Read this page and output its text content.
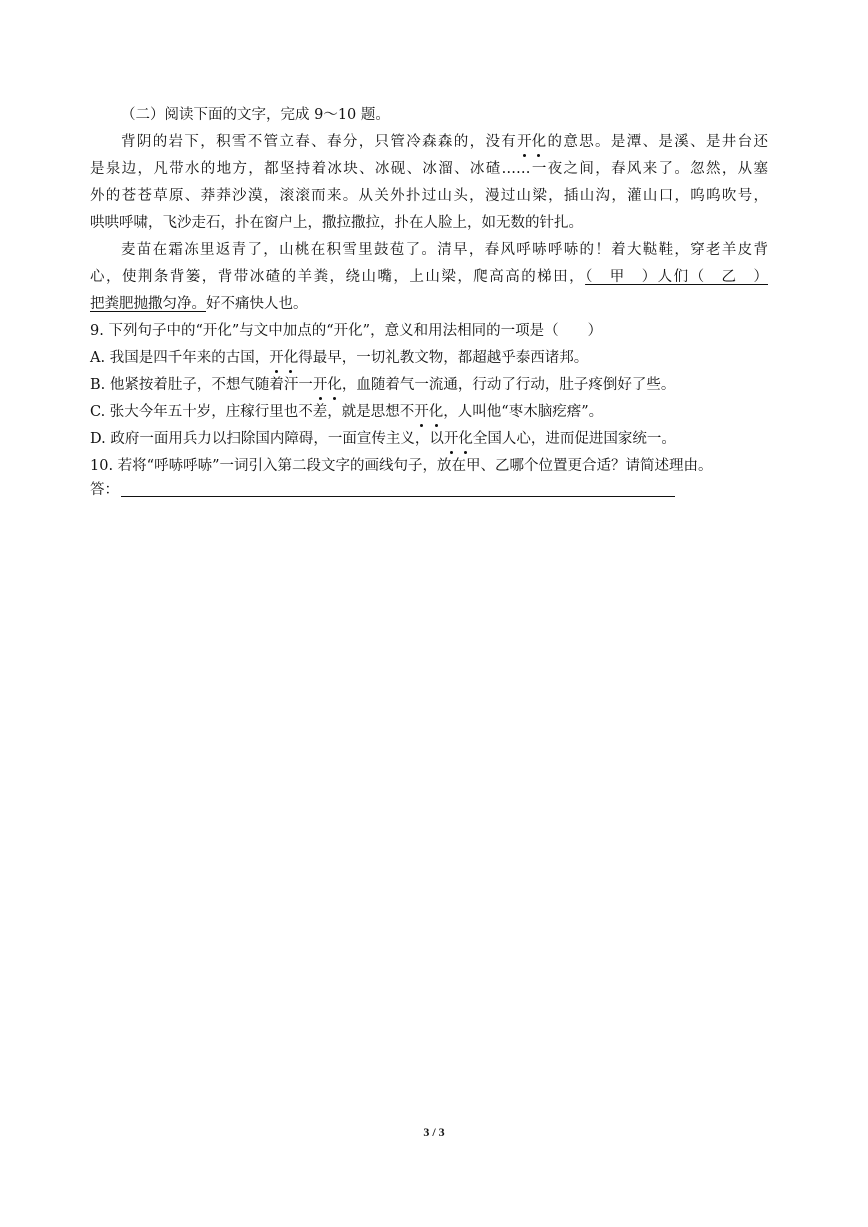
（二）阅读下面的文字，完成 9～10 题。
背阴的岩下，积雪不管立春、春分，只管冷森森的，没有开化的意思。是潭、是溪、是井台还
是泉边，凡带水的地方，都坚持着冰块、冰砚、冰溜、冰碴……一夜之间，春风来了。忽然，从塞
外的苍苍草原、莽莽沙漠，滚滚而来。从关外扑过山头，漫过山梁，插山沟，灌山口，呜呜吹号，
哄哄呼啸，飞沙走石，扑在窗户上，撒拉撒拉，扑在人脸上，如无数的针扎。
麦苗在霜冻里返青了，山桃在积雪里鼓苞了。清早，春风呼哧呼哧的！着大鞑鞋，穿老羊皮背
心，使荆条背篓，背带冰碴的羊粪，绕山嘴，上山梁，爬高高的梯田，（　甲　）人们（　乙　）
把粪肥抛撒匀净。好不痛快人也。
9. 下列句子中的“开化”与文中加点的“开化”，意义和用法相同的一项是（　　）
A. 我国是四千年来的古国，开化得最早，一切礼教文物，都超越乎泰西诸邦。
B. 他紧按着肚子，不想气随着汗一开化，血随着气一流通，行动了行动，肚子疼倒好了些。
C. 张大今年五十岁，庄稼行里也不差，就是思想不开化，人叫他“枣木脑疙瘩”。
D. 政府一面用兵力以扫除国内障碍，一面宣传主义，以开化全国人心，进而促进国家统一。
10. 若将“呼哧呼哧”一词引入第二段文字的画线句子，放在甲、乙哪个位置更合适？请简述理由。
答：
3 / 3
